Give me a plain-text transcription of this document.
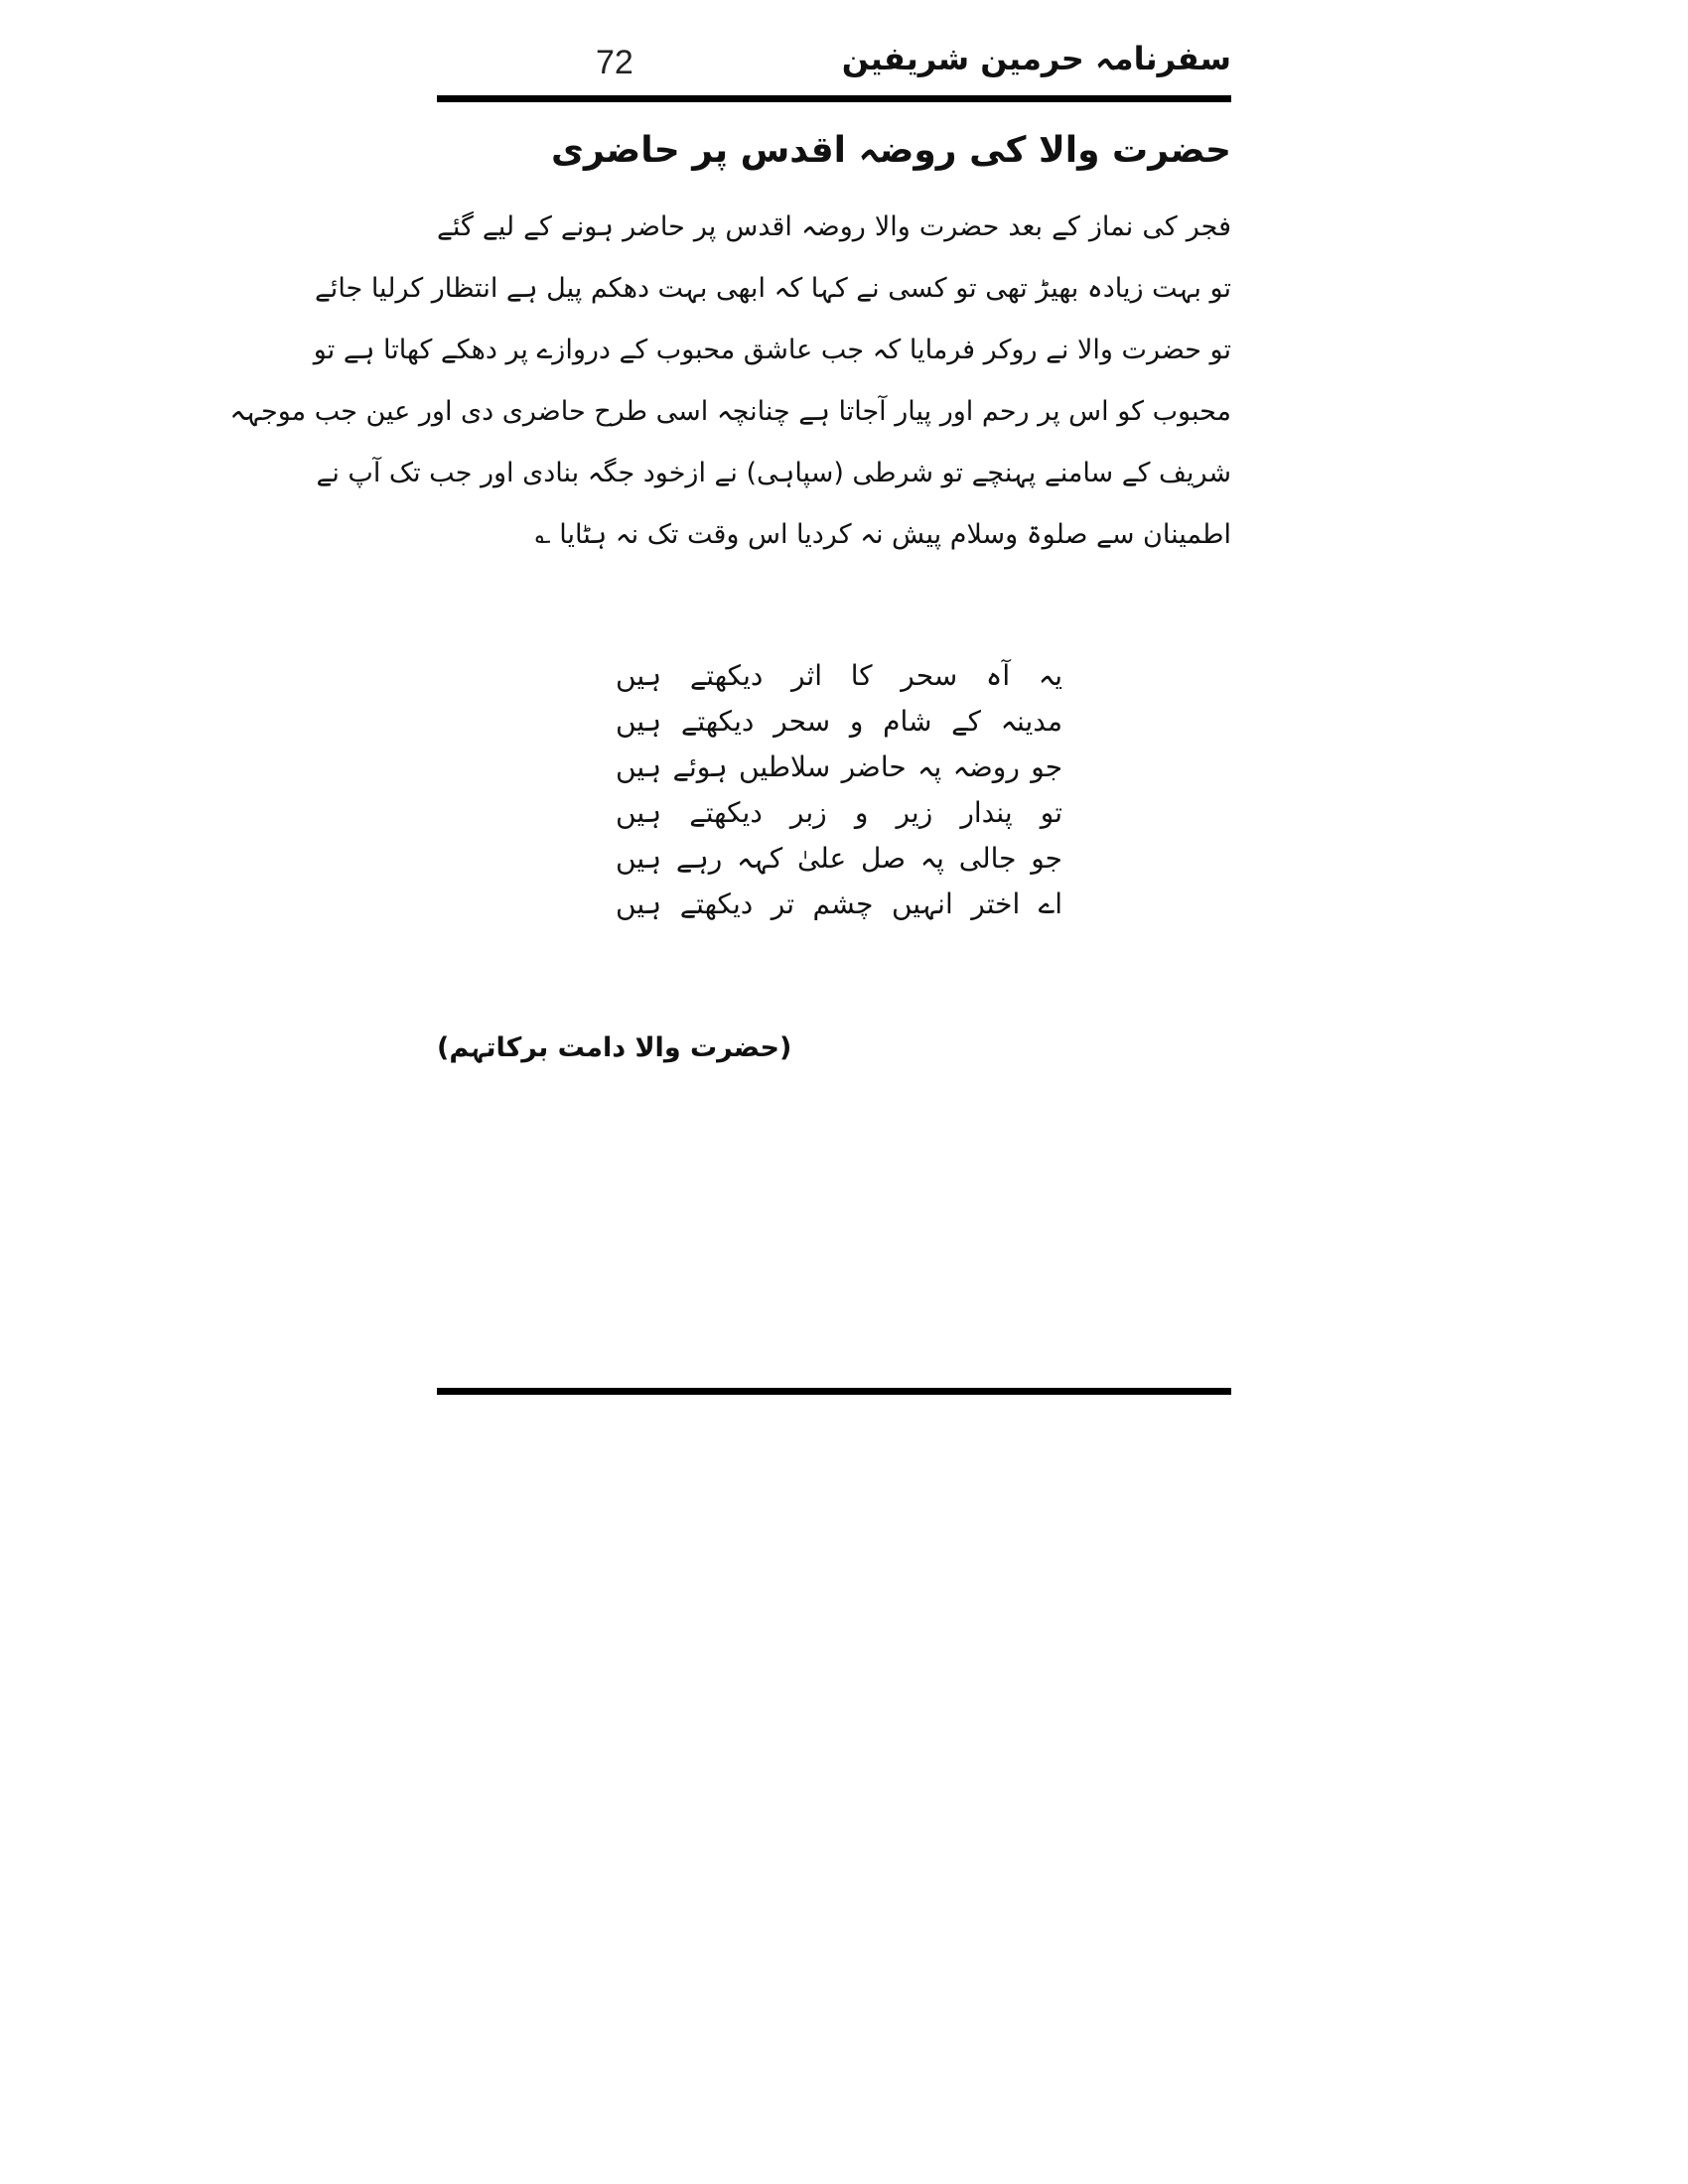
72	سفرنامہ حرمین شریفین
حضرت والا کی روضہ اقدس پر حاضری
فجر کی نماز کے بعد حضرت والا روضہ اقدس پر حاضر ہونے کے لیے گئے
تو بہت زیادہ بھیڑ تھی تو کسی نے کہا کہ ابھی بہت دھکم پیل ہے انتظار کرلیا جائے
تو حضرت والا نے روکر فرمایا کہ جب عاشق محبوب کے دروازے پر دھکے کھاتا ہے تو
محبوب کو اس پر رحم اور پیار آجاتا ہے چنانچہ اسی طرح حاضری دی اور عین جب موجہہ
شریف کے سامنے پہنچے تو شرطی (سپاہی) نے ازخود جگہ بنادی اور جب تک آپ نے
اطمینان سے صلوۃ وسلام پیش نہ کردیا اس وقت تک نہ ہٹایا ؎
یہ آہ سحر کا اثر دیکھتے ہیں
مدینہ کے شام و سحر دیکھتے ہیں
جو روضہ پہ حاضر سلاطیں ہوئے ہیں
تو پندار زیر و زبر دیکھتے ہیں
جو جالی پہ صل علیٰ کہہ رہے ہیں
اے اختر انہیں چشم تر دیکھتے ہیں
(حضرت والا دامت برکاتہم)
